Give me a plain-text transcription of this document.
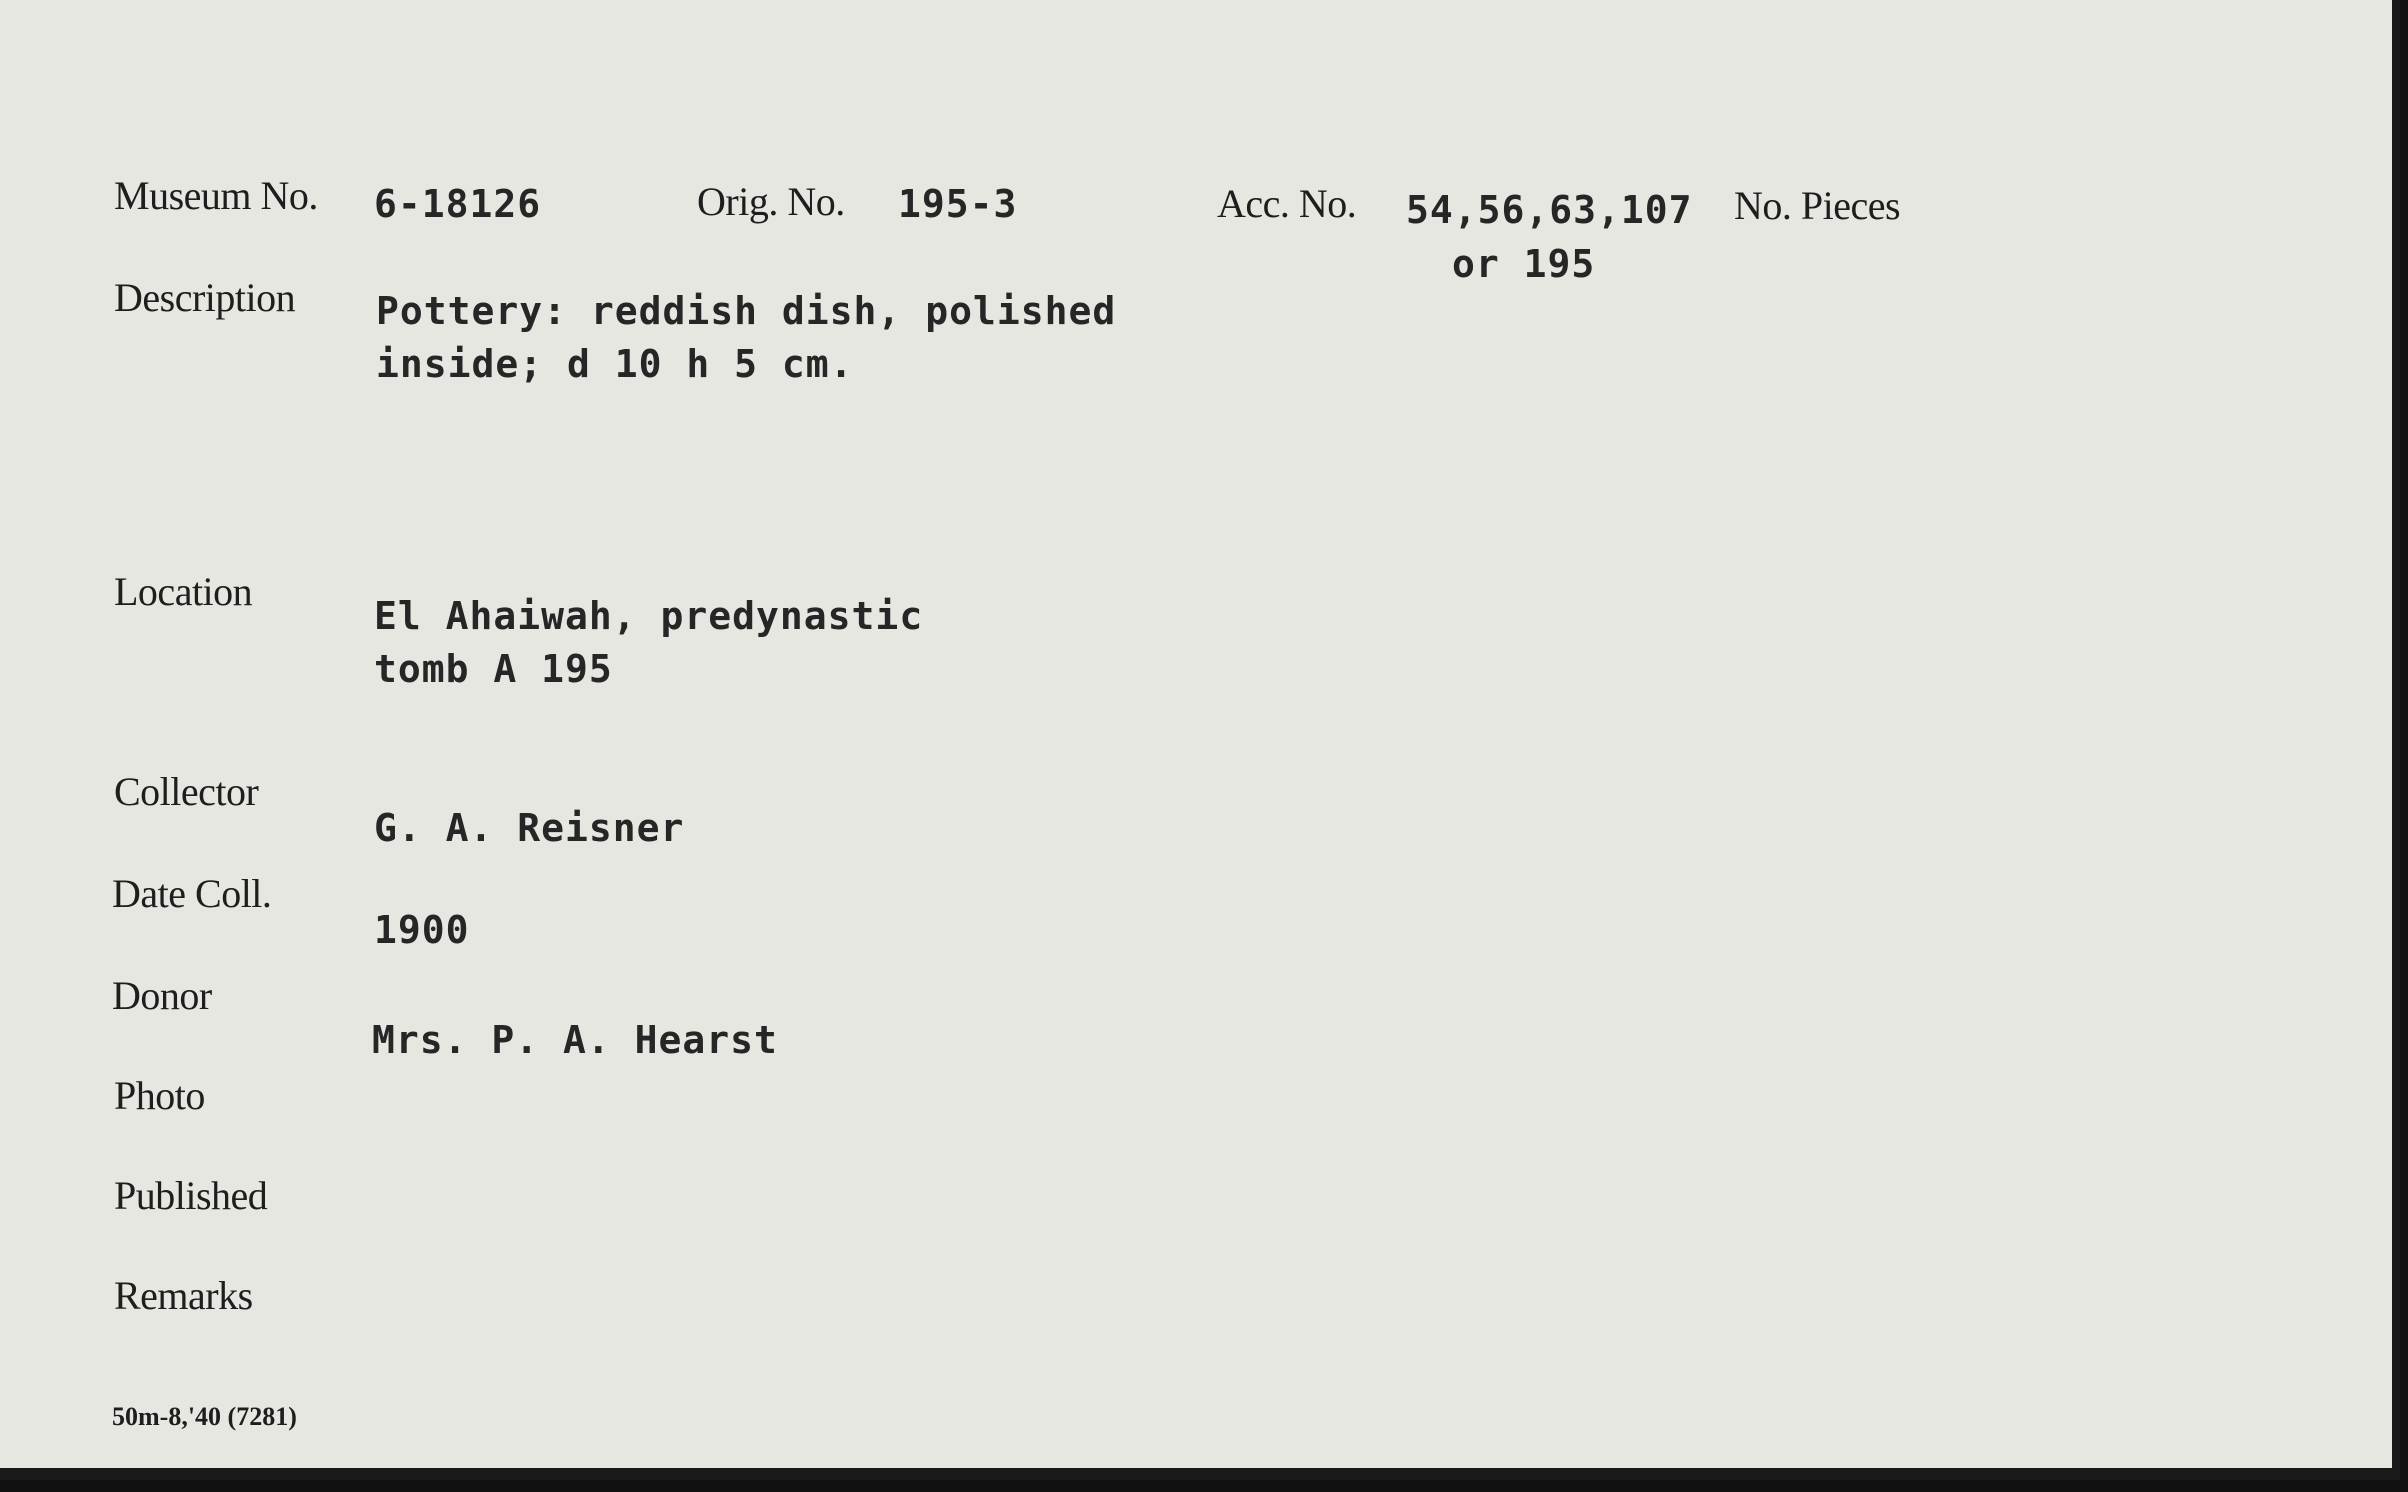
Museum No. 6-18126	Orig. No. 195-3	Acc. No. 54,56,63,107
or 195
No. Pieces
Description Pottery: reddish dish, polished
inside; d 10 h 5 cm.
Location
El Ahaiwah, predynastic
tomb A 195
Collector
G. A. Reisner
Date Coll.
1900
Donor
Mrs. P. A. Hearst
Photo
Published
Remarks
50m-8,'40 (7281)
